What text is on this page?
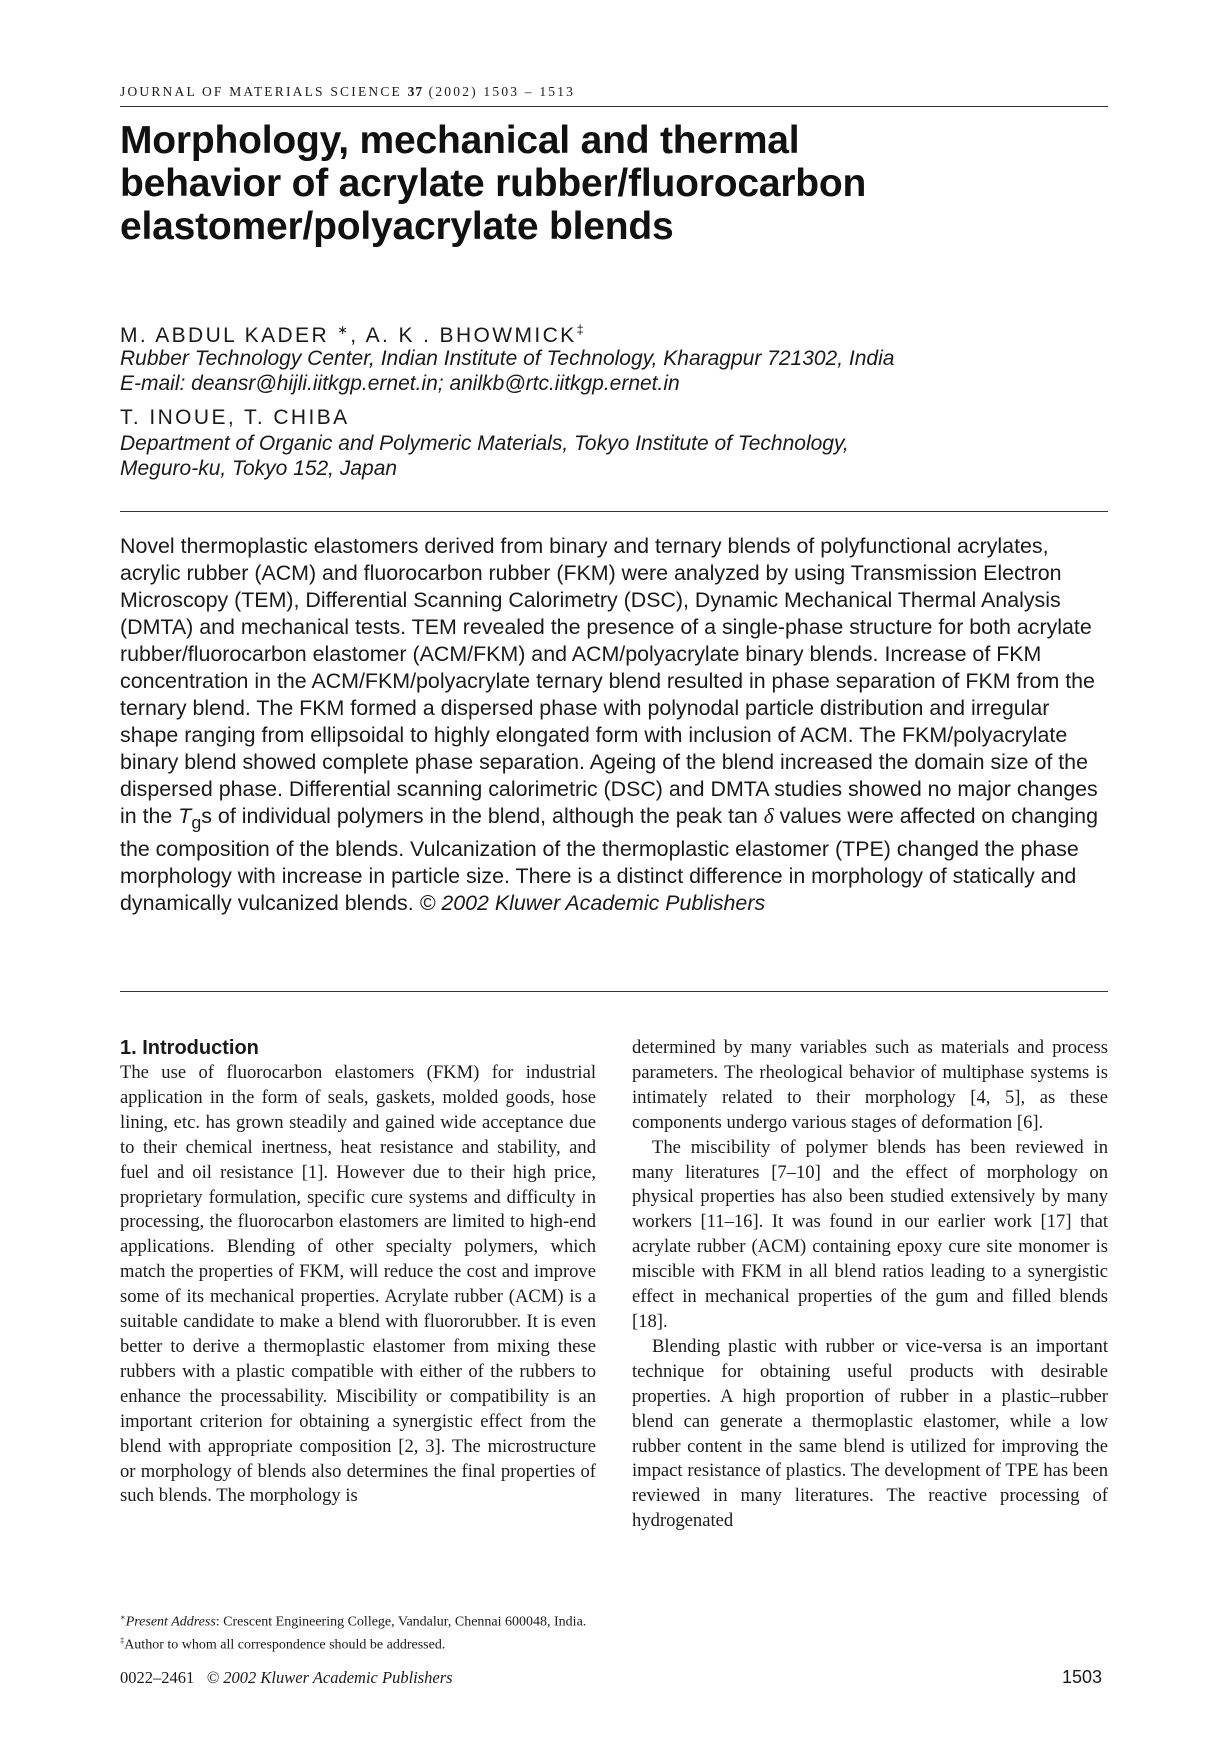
JOURNAL OF MATERIALS SCIENCE 37 (2002) 1503 – 1513
Morphology, mechanical and thermal
behavior of acrylate rubber/fluorocarbon
elastomer/polyacrylate blends
M. ABDUL KADER ∗, A. K . BHOWMICK‡
Rubber Technology Center, Indian Institute of Technology, Kharagpur 721302, India
E-mail: deansr@hijli.iitkgp.ernet.in; anilkb@rtc.iitkgp.ernet.in
T. INOUE, T. CHIBA
Department of Organic and Polymeric Materials, Tokyo Institute of Technology,
Meguro-ku, Tokyo 152, Japan
Novel thermoplastic elastomers derived from binary and ternary blends of polyfunctional acrylates, acrylic rubber (ACM) and fluorocarbon rubber (FKM) were analyzed by using Transmission Electron Microscopy (TEM), Differential Scanning Calorimetry (DSC), Dynamic Mechanical Thermal Analysis (DMTA) and mechanical tests. TEM revealed the presence of a single-phase structure for both acrylate rubber/fluorocarbon elastomer (ACM/FKM) and ACM/polyacrylate binary blends. Increase of FKM concentration in the ACM/FKM/polyacrylate ternary blend resulted in phase separation of FKM from the ternary blend. The FKM formed a dispersed phase with polynodal particle distribution and irregular shape ranging from ellipsoidal to highly elongated form with inclusion of ACM. The FKM/polyacrylate binary blend showed complete phase separation. Ageing of the blend increased the domain size of the dispersed phase. Differential scanning calorimetric (DSC) and DMTA studies showed no major changes in the $T_gs$ of individual polymers in the blend, although the peak tan δ values were affected on changing the composition of the blends. Vulcanization of the thermoplastic elastomer (TPE) changed the phase morphology with increase in particle size. There is a distinct difference in morphology of statically and dynamically vulcanized blends. © 2002 Kluwer Academic Publishers

1. Introduction

The use of fluorocarbon elastomers (FKM) for industrial application in the form of seals, gaskets, molded goods, hose lining, etc. has grown steadily and gained wide acceptance due to their chemical inertness, heat resistance and stability, and fuel and oil resistance [1]. However due to their high price, proprietary formulation, specific cure systems and difficulty in processing, the fluorocarbon elastomers are limited to high-end applications. Blending of other specialty polymers, which match the properties of FKM, will reduce the cost and improve some of its mechanical properties. Acrylate rubber (ACM) is a suitable candidate to make a blend with fluororubber. It is even better to derive a thermoplastic elastomer from mixing these rubbers with a plastic compatible with either of the rubbers to enhance the processability. Miscibility or compatibility is an important criterion for obtaining a synergistic effect from the blend with appropriate composition [2, 3]. The microstructure or morphology of blends also determines the final properties of such blends. The morphology is

determined by many variables such as materials and process parameters. The rheological behavior of multiphase systems is intimately related to their morphology [4, 5], as these components undergo various stages of deformation [6].

The miscibility of polymer blends has been reviewed in many literatures [7–10] and the effect of morphology on physical properties has also been studied extensively by many workers [11–16]. It was found in our earlier work [17] that acrylate rubber (ACM) containing epoxy cure site monomer is miscible with FKM in all blend ratios leading to a synergistic effect in mechanical properties of the gum and filled blends [18].

Blending plastic with rubber or vice-versa is an important technique for obtaining useful products with desirable properties. A high proportion of rubber in a plastic–rubber blend can generate a thermoplastic elastomer, while a low rubber content in the same blend is utilized for improving the impact resistance of plastics. The development of TPE has been reviewed in many literatures. The reactive processing of hydrogenated

∗Present Address: Crescent Engineering College, Vandalur, Chennai 600048, India.
‡Author to whom all correspondence should be addressed.
0022–2461 © 2002 Kluwer Academic Publishers	1503
